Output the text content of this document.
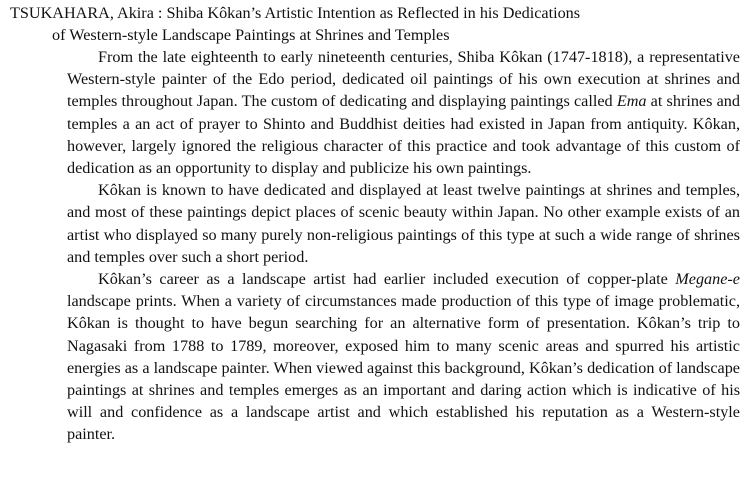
TSUKAHARA, Akira : Shiba Kôkan’s Artistic Intention as Reflected in his Dedications
of Western-style Landscape Paintings at Shrines and Temples

From the late eighteenth to early nineteenth centuries, Shiba Kôkan (1747-1818), a representative Western-style painter of the Edo period, dedicated oil paintings of his own execution at shrines and temples throughout Japan. The custom of dedicating and displaying paintings called Ema at shrines and temples a an act of prayer to Shinto and Buddhist deities had existed in Japan from antiquity. Kôkan, however, largely ignored the religious character of this practice and took advantage of this custom of dedication as an opportunity to display and publicize his own paintings.

Kôkan is known to have dedicated and displayed at least twelve paintings at shrines and temples, and most of these paintings depict places of scenic beauty within Japan. No other example exists of an artist who displayed so many purely non-religious paintings of this type at such a wide range of shrines and temples over such a short period.

Kôkan’s career as a landscape artist had earlier included execution of copper-plate Megane-e landscape prints. When a variety of circumstances made production of this type of image problematic, Kôkan is thought to have begun searching for an alternative form of presentation. Kôkan’s trip to Nagasaki from 1788 to 1789, moreover, exposed him to many scenic areas and spurred his artistic energies as a landscape painter. When viewed against this background, Kôkan’s dedication of landscape paintings at shrines and temples emerges as an important and daring action which is indicative of his will and confidence as a landscape artist and which established his reputation as a Western-style painter.
